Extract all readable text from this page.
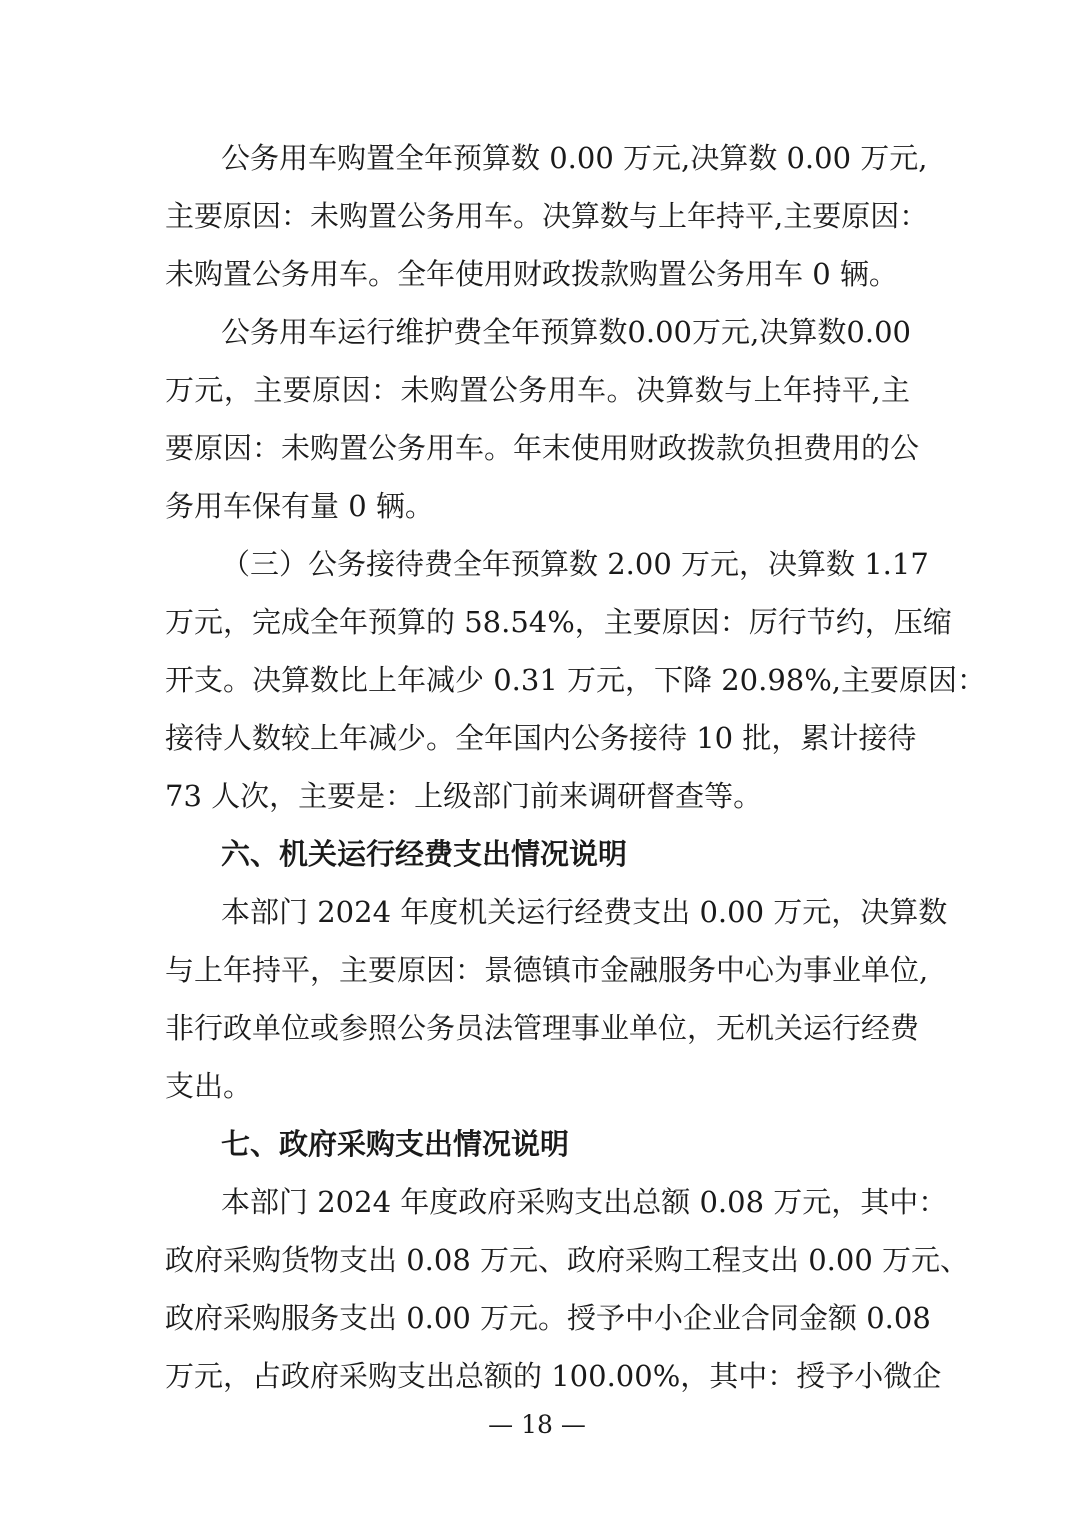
公务用车购置全年预算数 0.00 万元,决算数 0.00 万元,
主要原因：未购置公务用车。决算数与上年持平,主要原因：
未购置公务用车。全年使用财政拨款购置公务用车 0 辆。
公务用车运行维护费全年预算数0.00万元,决算数0.00
万元，主要原因：未购置公务用车。决算数与上年持平,主
要原因：未购置公务用车。年末使用财政拨款负担费用的公
务用车保有量 0 辆。
（三）公务接待费全年预算数 2.00 万元，决算数 1.17
万元，完成全年预算的 58.54%，主要原因：厉行节约，压缩
开支。决算数比上年减少 0.31 万元，下降 20.98%,主要原因：
接待人数较上年减少。全年国内公务接待 10 批，累计接待
73 人次，主要是：上级部门前来调研督查等。
六、机关运行经费支出情况说明
本部门 2024 年度机关运行经费支出 0.00 万元，决算数
与上年持平，主要原因：景德镇市金融服务中心为事业单位,
非行政单位或参照公务员法管理事业单位，无机关运行经费
支出。
七、政府采购支出情况说明
本部门 2024 年度政府采购支出总额 0.08 万元，其中：
政府采购货物支出 0.08 万元、政府采购工程支出 0.00 万元、
政府采购服务支出 0.00 万元。授予中小企业合同金额 0.08
万元，占政府采购支出总额的 100.00%，其中：授予小微企
— 18 —
